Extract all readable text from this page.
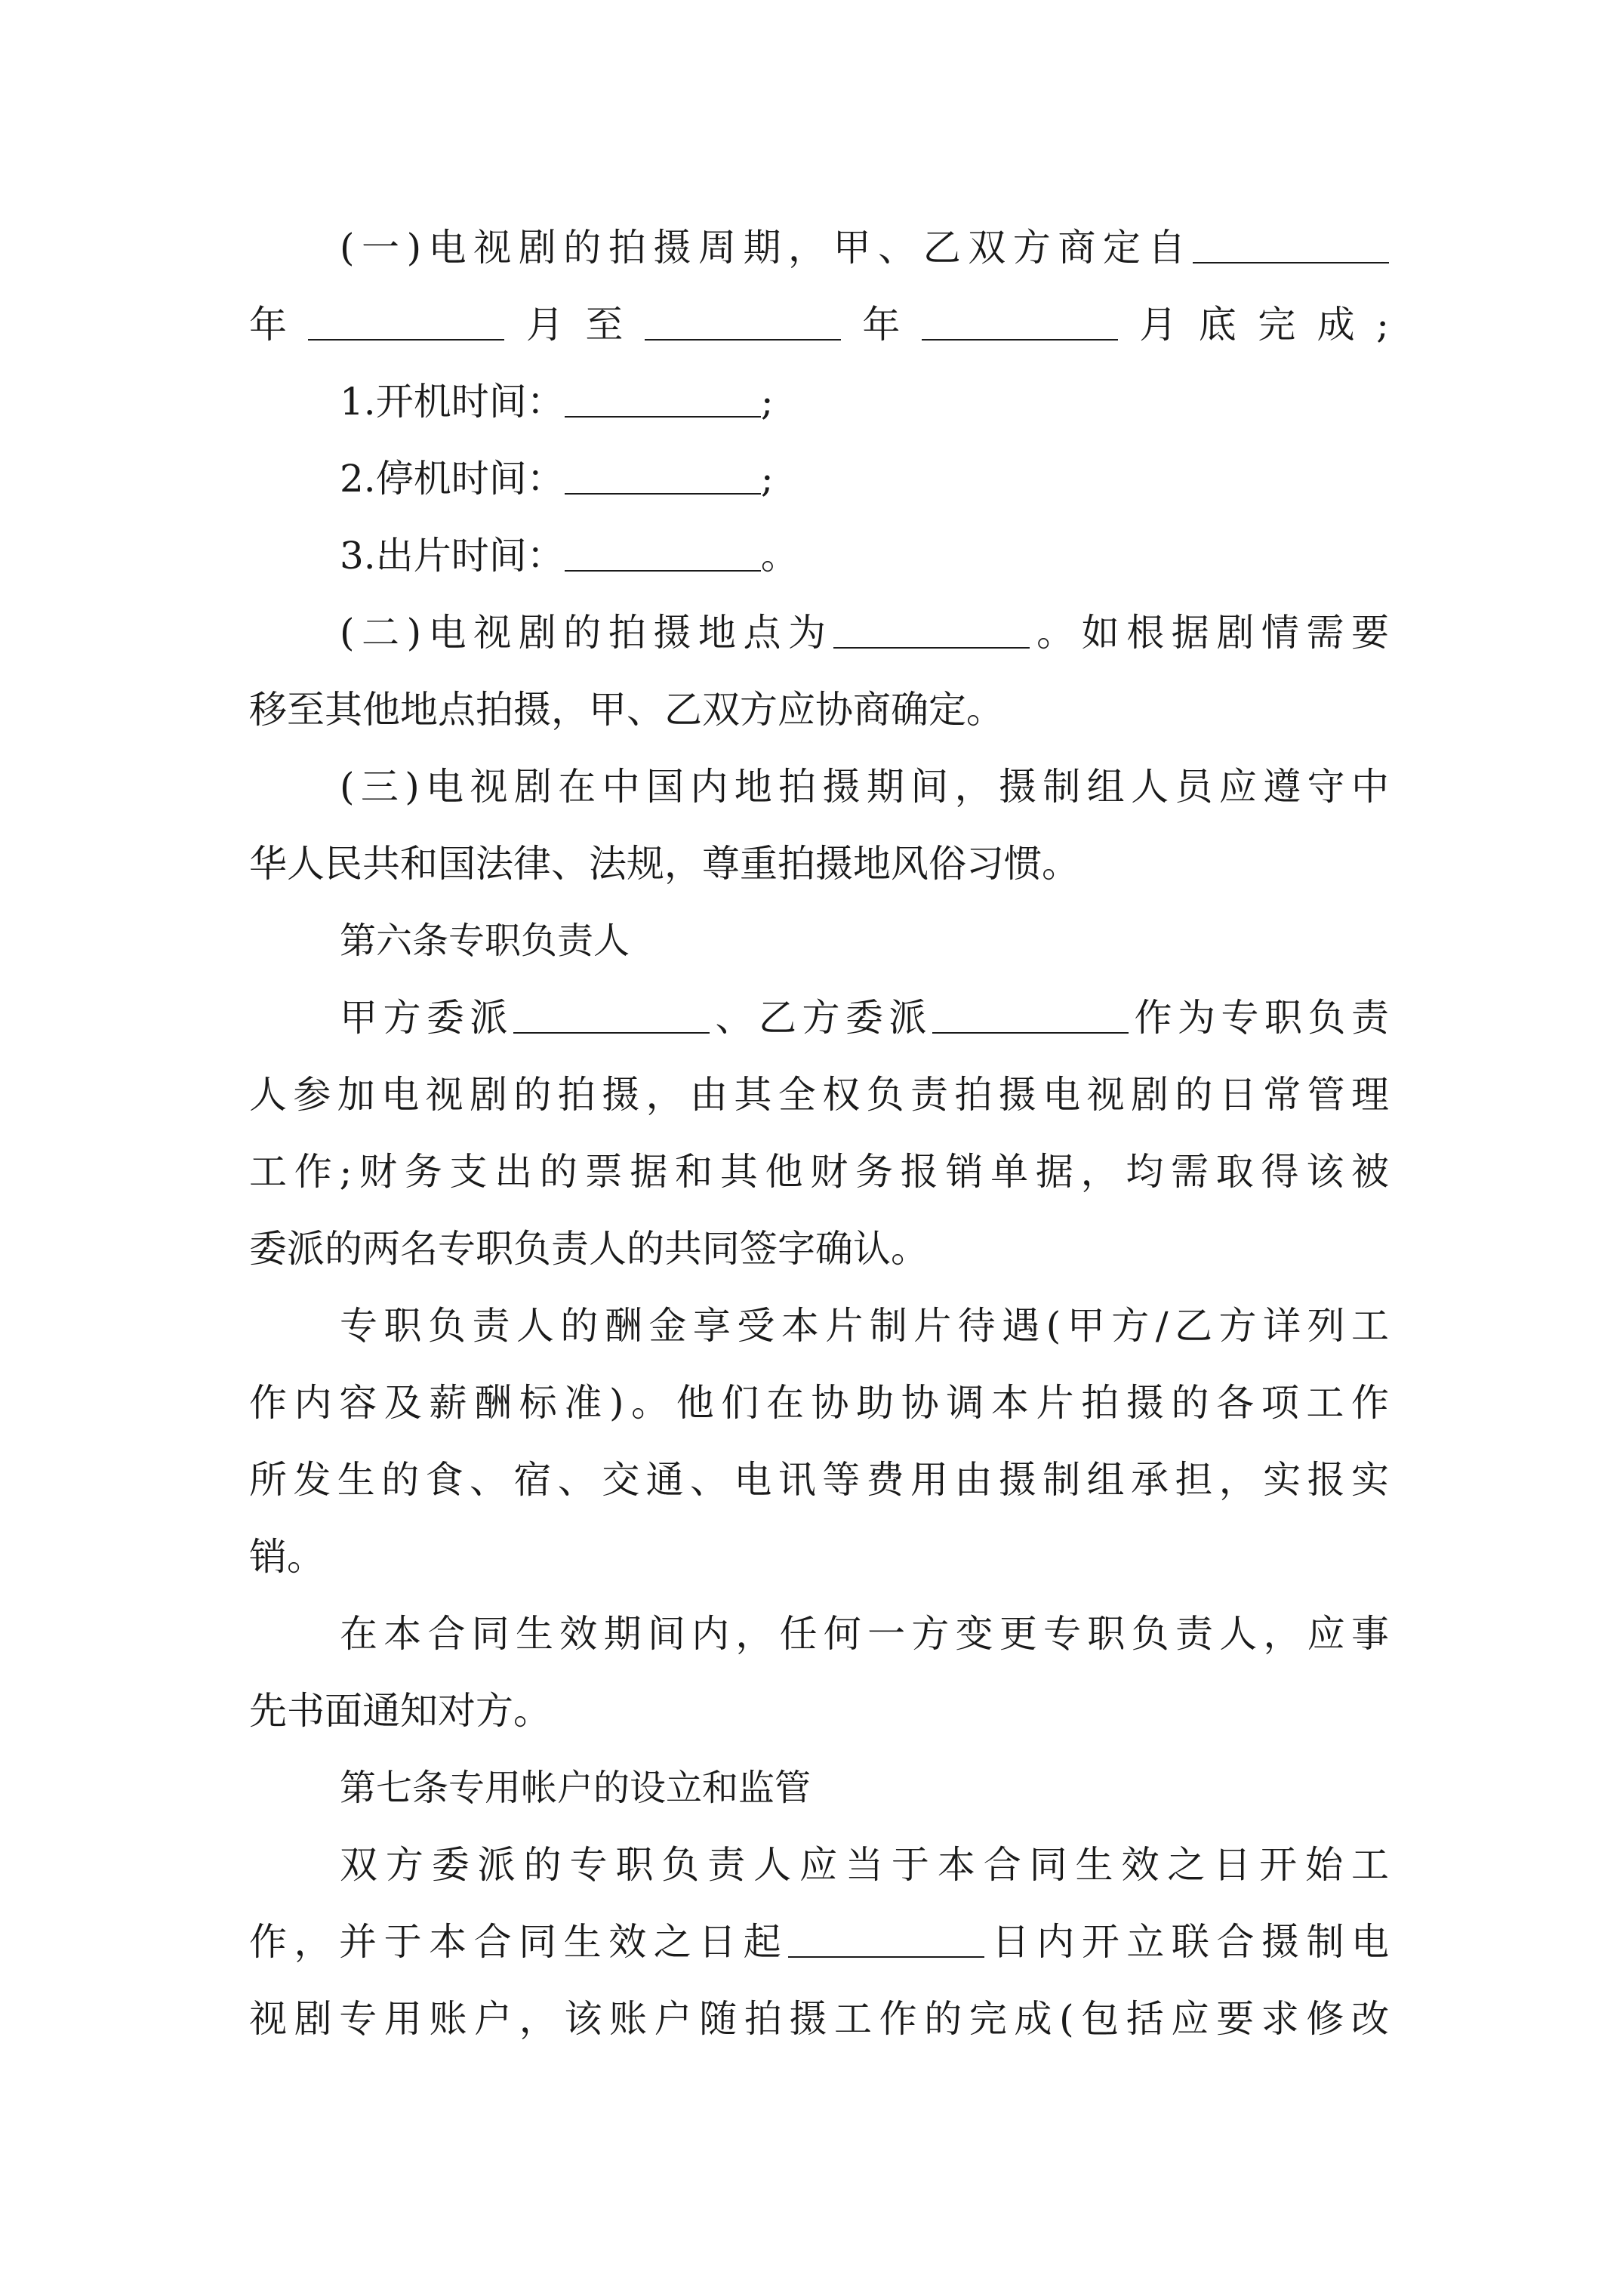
(一)电视剧的拍摄周期，甲、乙双方商定自
年	月至	年	月底完成;
1.开机时间：	;
2.停机时间：	;
3.出片时间：	。
(二)电视剧的拍摄地点为	。如根据剧情需要
移至其他地点拍摄，甲、乙双方应协商确定。
(三)电视剧在中国内地拍摄期间，摄制组人员应遵守中
华人民共和国法律、法规，尊重拍摄地风俗习惯。
第六条专职负责人
甲方委派	、乙方委派	作为专职负责
人参加电视剧的拍摄，由其全权负责拍摄电视剧的日常管理
工作;财务支出的票据和其他财务报销单据，均需取得该被
委派的两名专职负责人的共同签字确认。
专职负责人的酬金享受本片制片待遇(甲方/乙方详列工
作内容及薪酬标准)。他们在协助协调本片拍摄的各项工作
所发生的食、宿、交通、电讯等费用由摄制组承担，实报实
销。
在本合同生效期间内，任何一方变更专职负责人，应事
先书面通知对方。
第七条专用帐户的设立和监管
双方委派的专职负责人应当于本合同生效之日开始工
作，并于本合同生效之日起	日内开立联合摄制电
视剧专用账户，该账户随拍摄工作的完成(包括应要求修改
